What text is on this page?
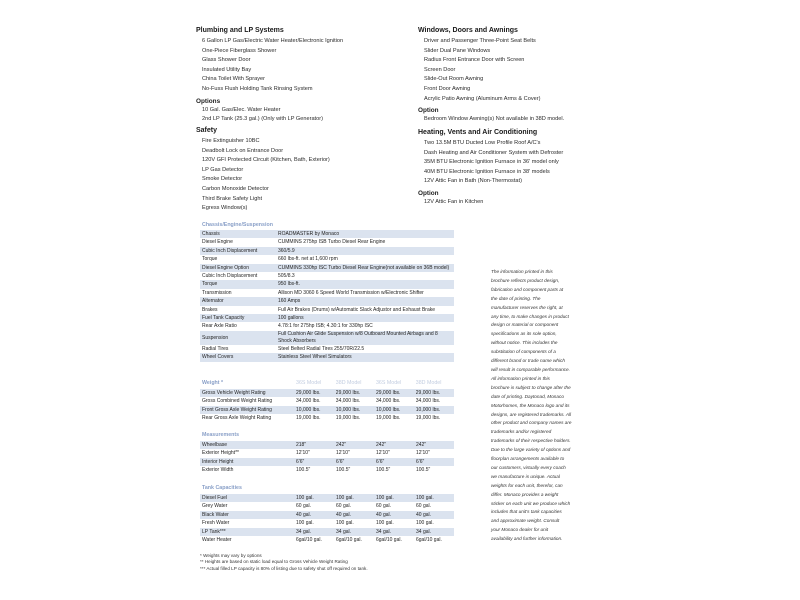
Plumbing and LP Systems
6 Gallon LP Gas/Electric Water Heater/Electronic Ignition
One-Piece Fiberglass Shower
Glass Shower Door
Insulated Utility Bay
China Toilet With Sprayer
No-Fuss Flush Holding Tank Rinsing System
Options
10 Gal. Gas/Elec. Water Heater
2nd LP Tank (25.3 gal.) (Only with LP Generator)
Safety
Fire Extinguisher 10BC
Deadbolt Lock on Entrance Door
120V GFI Protected Circuit (Kitchen, Bath, Exterior)
LP Gas Detector
Smoke Detector
Carbon Monoxide Detector
Third Brake Safety Light
Egress Window(s)
Windows, Doors and Awnings
Driver and Passenger Three-Point Seat Belts
Slider Dual Pane Windows
Radius Front Entrance Door with Screen
Screen Door
Slide-Out Room Awning
Front Door Awning
Acrylic Patio Awning (Aluminum Arms & Cover)
Option
Bedroom Window Awning(s) Not available in 38D model.
Heating, Vents and Air Conditioning
Two 13.5M BTU Ducted Low Profile Roof A/C's
Dash Heating and Air Conditioner System with Defroster
35M BTU Electronic Ignition Furnace in 36' model only
40M BTU Electronic Ignition Furnace in 38' models
12V Attic Fan in Bath (Non-Thermostat)
Option
12V Attic Fan in Kitchen
Chassis/Engine/Suspension	
Chassis	ROADMASTER by Monaco
Diesel Engine	CUMMINS 275hp ISB Turbo Diesel Rear Engine
Cubic Inch Displacement	360/5.9
Torque	660 lbs-ft. net at 1,600 rpm
Diesel Engine Option	CUMMINS 330hp ISC Turbo Diesel Rear Engine(not available on 36B model)
Cubic Inch Displacement	505/8.3
Torque	950 lbs-ft.
Transmission	Allison MD 3060 6 Speed World Transmission w/Electronic Shifter
Alternator	160 Amps
Brakes	Full Air Brakes (Drums) w/Automatic Slack Adjustor and Exhaust Brake
Fuel Tank Capacity	100 gallons
Rear Axle Ratio	4.78:1 for 275hp ISB; 4.30:1 for 330hp ISC
Suspension	Full Cushion Air Glide Suspension w/8 Outboard Mounted Airbags and 8 Shock Absorbers
Radial Tires	Steel Belted Radial Tires 255/70R/22.5
Wheel Covers	Stainless Steel Wheel Simulators
Weight *	36S Model	38D Model	36S Model	38D Model
Gross Vehicle Weight Rating	29,000 lbs.	29,000 lbs.	29,000 lbs.	29,000 lbs.
Gross Combined Weight Rating	34,000 lbs.	34,000 lbs.	34,000 lbs.	34,000 lbs.
Front Gross Axle Weight Rating	10,000 lbs.	10,000 lbs.	10,000 lbs.	10,000 lbs.
Rear Gross Axle Weight Rating	19,000 lbs.	19,000 lbs.	19,000 lbs.	19,000 lbs.
Measurements				
Wheelbase	218"	242"	242"	242"
Exterior Height**	12'10"	12'10"	12'10"	12'10"
Interior Height	6'6"	6'6"	6'6"	6'6"
Exterior Width	100.5"	100.5"	100.5"	100.5"
Tank Capacities				
Diesel Fuel	100 gal.	100 gal.	100 gal.	100 gal.
Grey Water	60 gal.	60 gal.	60 gal.	60 gal.
Black Water	40 gal.	40 gal.	40 gal.	40 gal.
Fresh Water	100 gal.	100 gal.	100 gal.	100 gal.
LP Tank***	34 gal.	34 gal.	34 gal.	34 gal.
Water Heater	6gal/10 gal.	6gal/10 gal.	6gal/10 gal.	6gal/10 gal.
* Weights may vary by options
** Heights are based on static load equal to Gross Vehicle Weight Rating
*** Actual filled LP capacity is 80% of listing due to safety shut off required on tank.
The information printed in this
brochure reflects product design,
fabrication and component parts at
the date of printing. The
manufacturer reserves the right, at
any time, to make changes in product
design or material or component
specifications as its sole option,
without notice. This includes the
substitution of components of a
different brand or trade name which
will result in comparable performance.
All information printed in this
brochure is subject to change after the
date of printing. Daytonad, Monaco
Motorhomes, the Monaco logo and its
designs, are registered trademarks. All
other product and company names are
trademarks and/or registered
trademarks of their respective holders.
Due to the large variety of options and
floorplan arrangements available to
our customers, virtually every coach
we manufacture is unique. Actual
weights for each unit, therefor, can
differ. Monaco provides a weight
sticker on each unit we produce which
includes that unit's tank capacities
and approximate weight. Consult
your Monaco dealer for unit
availability and further information.
